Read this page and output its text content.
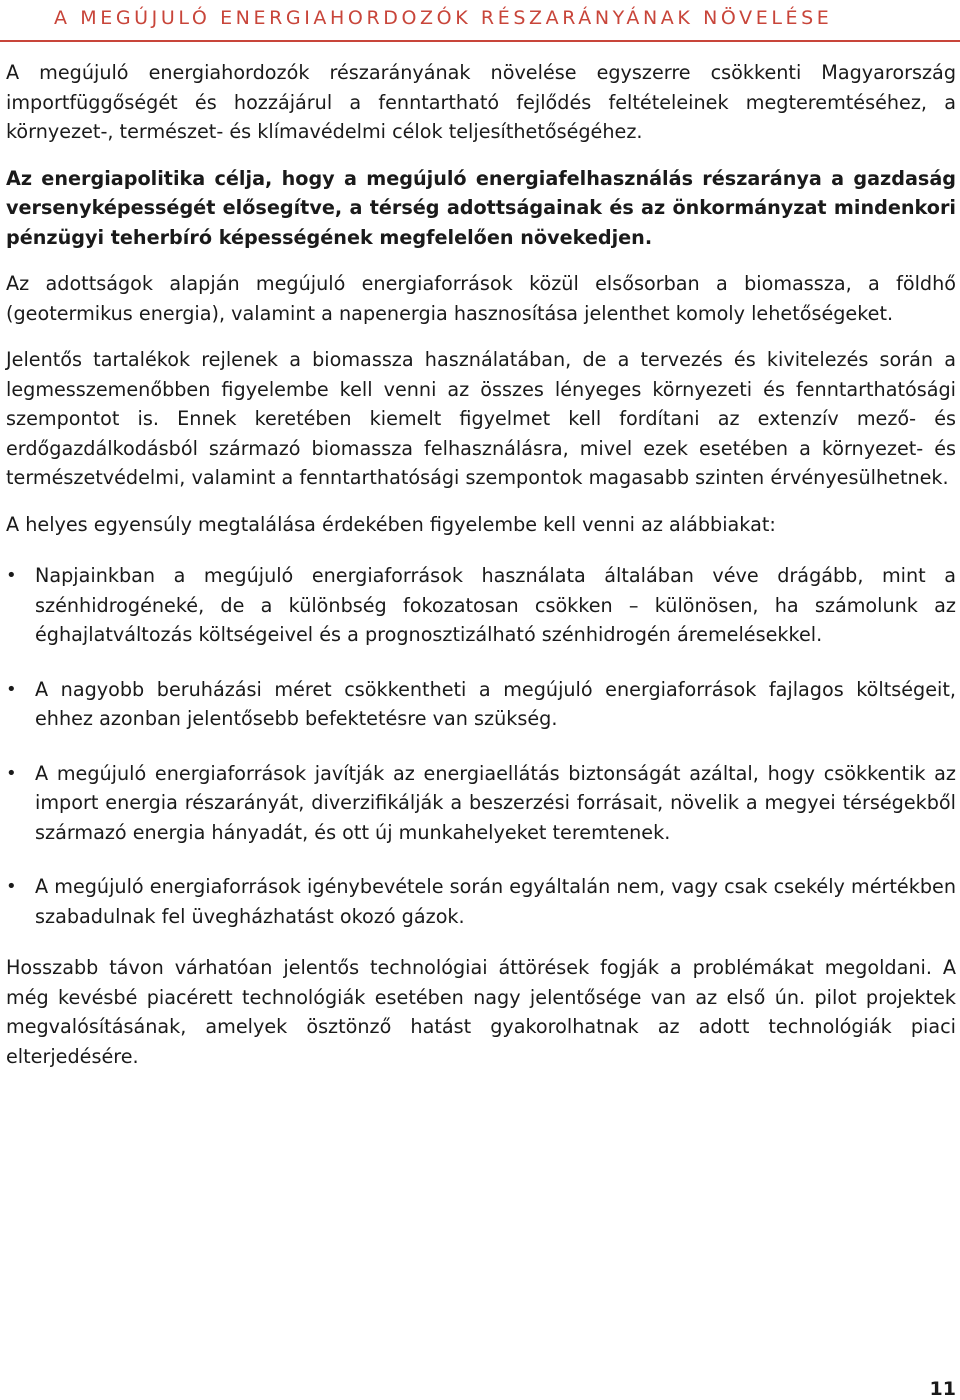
A MEGÚJULÓ ENERGIAHORDOZÓK RÉSZARÁNYÁNAK NÖVELÉSE

A megújuló energiahordozók részarányának növelése egyszerre csökkenti Magyarország importfüggőségét és hozzájárul a fenntartható fejlődés feltételeinek megteremtéséhez, a környezet-, természet- és klímavédelmi célok teljesíthetőségéhez.

Az energiapolitika célja, hogy a megújuló energiafelhasználás részaránya a gazdaság versenyképességét elősegítve, a térség adottságainak és az önkormányzat mindenkori pénzügyi teherbíró képességének megfelelően növekedjen.

Az adottságok alapján megújuló energiaforrások közül elsősorban a biomassza, a földhő (geotermikus energia), valamint a napenergia hasznosítása jelenthet komoly lehetőségeket.

Jelentős tartalékok rejlenek a biomassza használatában, de a tervezés és kivitelezés során a legmesszemenőbben figyelembe kell venni az összes lényeges környezeti és fenntarthatósági szempontot is. Ennek keretében kiemelt figyelmet kell fordítani az extenzív mező- és erdőgazdálkodásból származó biomassza felhasználásra, mivel ezek esetében a környezet- és természetvédelmi, valamint a fenntarthatósági szempontok magasabb szinten érvényesülhetnek.

A helyes egyensúly megtalálása érdekében figyelembe kell venni az alábbiakat:

• Napjainkban a megújuló energiaforrások használata általában véve drágább, mint a szénhidrogéneké, de a különbség fokozatosan csökken – különösen, ha számolunk az éghajlatváltozás költségeivel és a prognosztizálható szénhidrogén áremelésekkel.
• A nagyobb beruházási méret csökkentheti a megújuló energiaforrások fajlagos költségeit, ehhez azonban jelentősebb befektetésre van szükség.
• A megújuló energiaforrások javítják az energiaellátás biztonságát azáltal, hogy csökkentik az import energia részarányát, diverzifikálják a beszerzési forrásait, növelik a megyei térségekből származó energia hányadát, és ott új munkahelyeket teremtenek.
• A megújuló energiaforrások igénybevétele során egyáltalán nem, vagy csak csekély mértékben szabadulnak fel üvegházhatást okozó gázok.

Hosszabb távon várhatóan jelentős technológiai áttörések fogják a problémákat megoldani. A még kevésbé piacérett technológiák esetében nagy jelentősége van az első ún. pilot projektek megvalósításának, amelyek ösztönző hatást gyakorolhatnak az adott technológiák piaci elterjedésére.

11
